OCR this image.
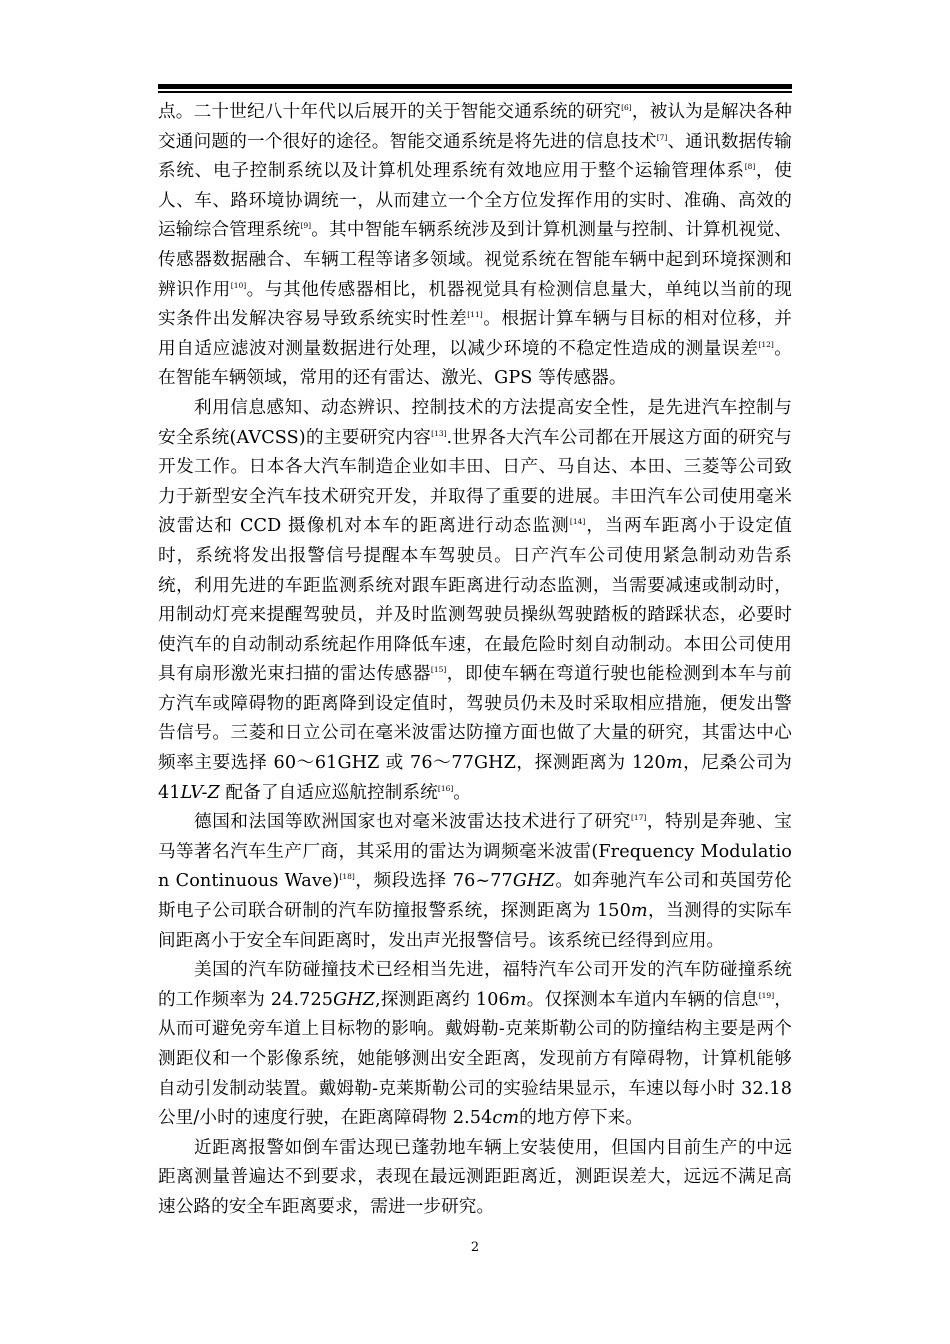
点。二十世纪八十年代以后展开的关于智能交通系统的研究[6]，被认为是解决各种交通问题的一个很好的途径。智能交通系统是将先进的信息技术[7]、通讯数据传输系统、电子控制系统以及计算机处理系统有效地应用于整个运输管理体系[8]，使人、车、路环境协调统一，从而建立一个全方位发挥作用的实时、准确、高效的运输综合管理系统[9]。其中智能车辆系统涉及到计算机测量与控制、计算机视觉、传感器数据融合、车辆工程等诸多领域。视觉系统在智能车辆中起到环境探测和辨识作用[10]。与其他传感器相比，机器视觉具有检测信息量大，单纯以当前的现实条件出发解决容易导致系统实时性差[11]。根据计算车辆与目标的相对位移，并用自适应滤波对测量数据进行处理，以减少环境的不稳定性造成的测量误差[12]。在智能车辆领域，常用的还有雷达、激光、GPS 等传感器。

利用信息感知、动态辨识、控制技术的方法提高安全性，是先进汽车控制与安全系统(AVCSS)的主要研究内容[13].世界各大汽车公司都在开展这方面的研究与开发工作。日本各大汽车制造企业如丰田、日产、马自达、本田、三菱等公司致力于新型安全汽车技术研究开发，并取得了重要的进展。丰田汽车公司使用毫米波雷达和 CCD 摄像机对本车的距离进行动态监测[14]，当两车距离小于设定值时，系统将发出报警信号提醒本车驾驶员。日产汽车公司使用紧急制动劝告系统，利用先进的车距监测系统对跟车距离进行动态监测，当需要减速或制动时，用制动灯亮来提醒驾驶员，并及时监测驾驶员操纵驾驶踏板的踏踩状态，必要时使汽车的自动制动系统起作用降低车速，在最危险时刻自动制动。本田公司使用具有扇形激光束扫描的雷达传感器[15]，即使车辆在弯道行驶也能检测到本车与前方汽车或障碍物的距离降到设定值时，驾驶员仍未及时采取相应措施，便发出警告信号。三菱和日立公司在毫米波雷达防撞方面也做了大量的研究，其雷达中心频率主要选择 60～61GHZ 或 76～77GHZ，探测距离为 120m，尼桑公司为 41LV-Z 配备了自适应巡航控制系统[16]。

德国和法国等欧洲国家也对毫米波雷达技术进行了研究[17]，特别是奔驰、宝马等著名汽车生产厂商，其采用的雷达为调频毫米波雷(Frequency Modulation Continuous Wave)[18]，频段选择 76~77GHZ。如奔驰汽车公司和英国劳伦斯电子公司联合研制的汽车防撞报警系统，探测距离为 150m，当测得的实际车间距离小于安全车间距离时，发出声光报警信号。该系统已经得到应用。

美国的汽车防碰撞技术已经相当先进，福特汽车公司开发的汽车防碰撞系统的工作频率为 24.725GHZ,探测距离约 106m。仅探测本车道内车辆的信息[19]，从而可避免旁车道上目标物的影响。戴姆勒-克莱斯勒公司的防撞结构主要是两个测距仪和一个影像系统，她能够测出安全距离，发现前方有障碍物，计算机能够自动引发制动装置。戴姆勒-克莱斯勒公司的实验结果显示，车速以每小时 32.18 公里/小时的速度行驶，在距离障碍物 2.54cm的地方停下来。

近距离报警如倒车雷达现已蓬勃地车辆上安装使用，但国内目前生产的中远距离测量普遍达不到要求，表现在最远测距距离近，测距误差大，远远不满足高速公路的安全车距离要求，需进一步研究。

2
